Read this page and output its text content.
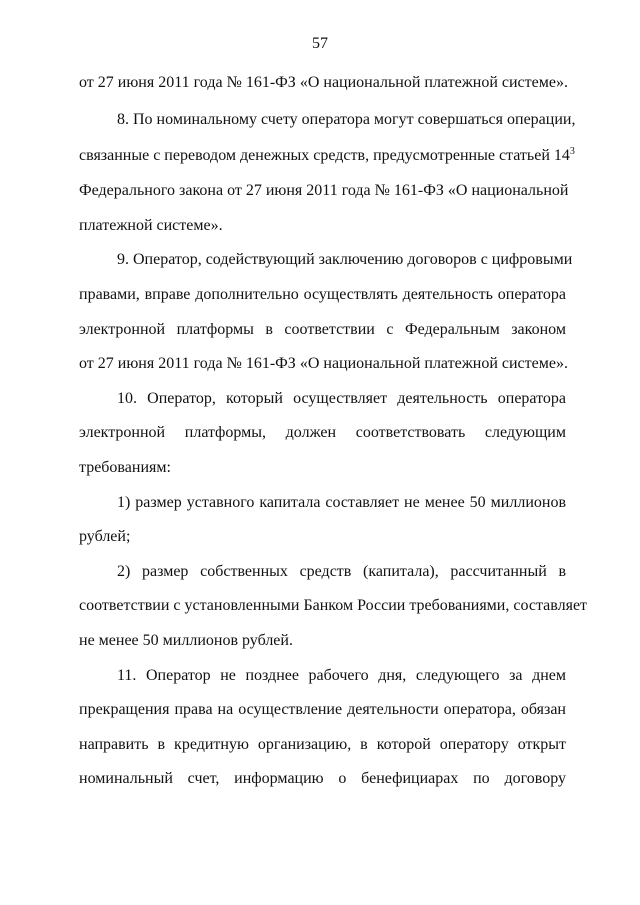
57
от 27 июня 2011 года № 161-ФЗ «О национальной платежной системе».
8. По номинальному счету оператора могут совершаться операции,
связанные с переводом денежных средств, предусмотренные статьей $14^3$
Федерального закона от 27 июня 2011 года № 161-ФЗ «О национальной
платежной системе».
9. Оператор, содействующий заключению договоров с цифровыми
правами, вправе дополнительно осуществлять деятельность оператора
электронной платформы в соответствии с Федеральным законом
от 27 июня 2011 года № 161-ФЗ «О национальной платежной системе».
10. Оператор, который осуществляет деятельность оператора
электронной платформы, должен соответствовать следующим
требованиям:
1) размер уставного капитала составляет не менее 50 миллионов
рублей;
2) размер собственных средств (капитала), рассчитанный в
соответствии с установленными Банком России требованиями, составляет
не менее 50 миллионов рублей.
11. Оператор не позднее рабочего дня, следующего за днем
прекращения права на осуществление деятельности оператора, обязан
направить в кредитную организацию, в которой оператору открыт
номинальный счет, информацию о бенефициарах по договору
